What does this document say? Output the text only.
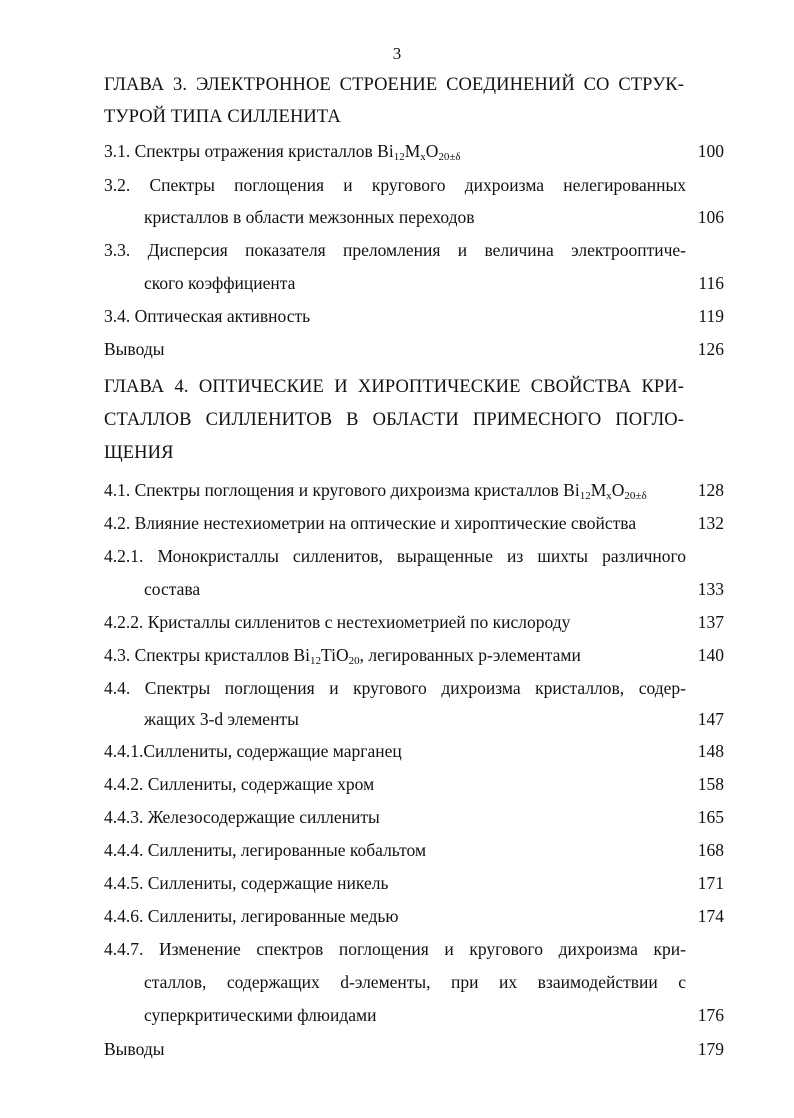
3
ГЛАВА 3. ЭЛЕКТРОННОЕ СТРОЕНИЕ СОЕДИНЕНИЙ СО СТРУК-
ТУРОЙ ТИПА СИЛЛЕНИТА
3.1. Спектры отражения кристаллов $Bi_{12}M_xO_{20\pm\delta}$	100
3.2. Спектры поглощения и кругового дихроизма нелегированных
кристаллов в области межзонных переходов	106
3.3. Дисперсия показателя преломления и величина электрооптиче-
ского коэффициента	116
3.4. Оптическая активность	119
Выводы	126
ГЛАВА 4. ОПТИЧЕСКИЕ И ХИРОПТИЧЕСКИЕ СВОЙСТВА КРИ-
СТАЛЛОВ СИЛЛЕНИТОВ В ОБЛАСТИ ПРИМЕСНОГО ПОГЛО-
ЩЕНИЯ
4.1. Спектры поглощения и кругового дихроизма кристаллов $Bi_{12}M_xO_{20\pm\delta}$	128
4.2. Влияние нестехиометрии на оптические и хироптические свойства	132
4.2.1. Монокристаллы силленитов, выращенные из шихты различного
состава	133
4.2.2. Кристаллы силленитов с нестехиометрией по кислороду	137
4.3. Спектры кристаллов $Bi_{12}TiO_{20}$, легированных р-элементами	140
4.4. Спектры поглощения и кругового дихроизма кристаллов, содер-
жащих 3-d элементы	147
4.4.1.Силлениты, содержащие марганец	148
4.4.2. Силлениты, содержащие хром	158
4.4.3. Железосодержащие силлениты	165
4.4.4. Силлениты, легированные кобальтом	168
4.4.5. Силлениты, содержащие никель	171
4.4.6. Силлениты, легированные медью	174
4.4.7. Изменение спектров поглощения и кругового дихроизма кри-
сталлов, содержащих d-элементы, при их взаимодействии с
суперкритическими флюидами	176
Выводы	179
